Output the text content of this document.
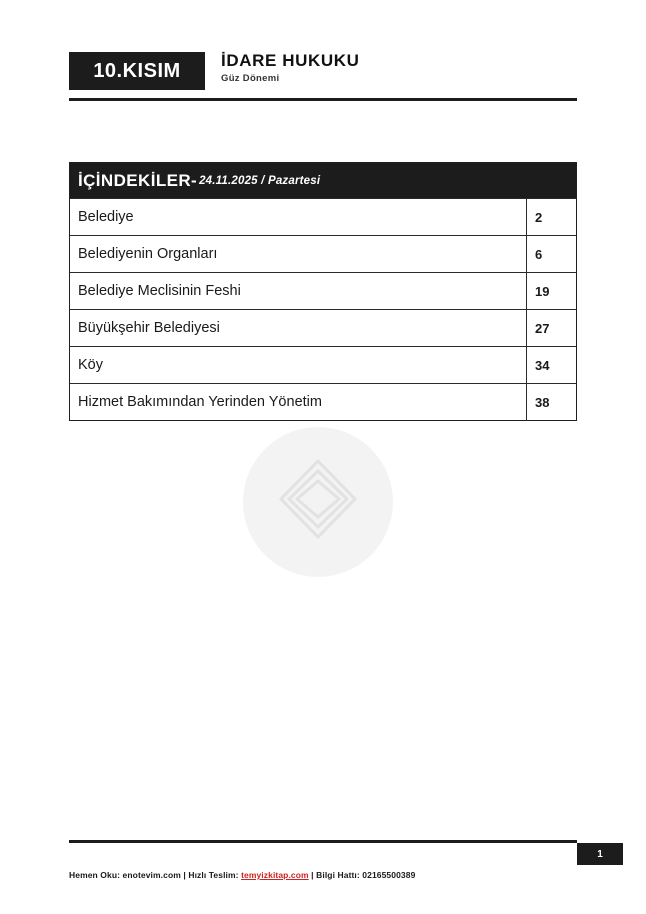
10.KISIM İDARE HUKUKU
Güz Dönemi
İÇİNDEKİLER- 24.11.2025 / Pazartesi
Belediye	2
Belediyenin Organları	6
Belediye Meclisinin Feshi	19
Büyükşehir Belediyesi	27
Köy	34
Hizmet Bakımından Yerinden Yönetim	38
1
Hemen Oku: enotevim.com | Hızlı Teslim: temyizkitap.com | Bilgi Hattı: 02165500389
